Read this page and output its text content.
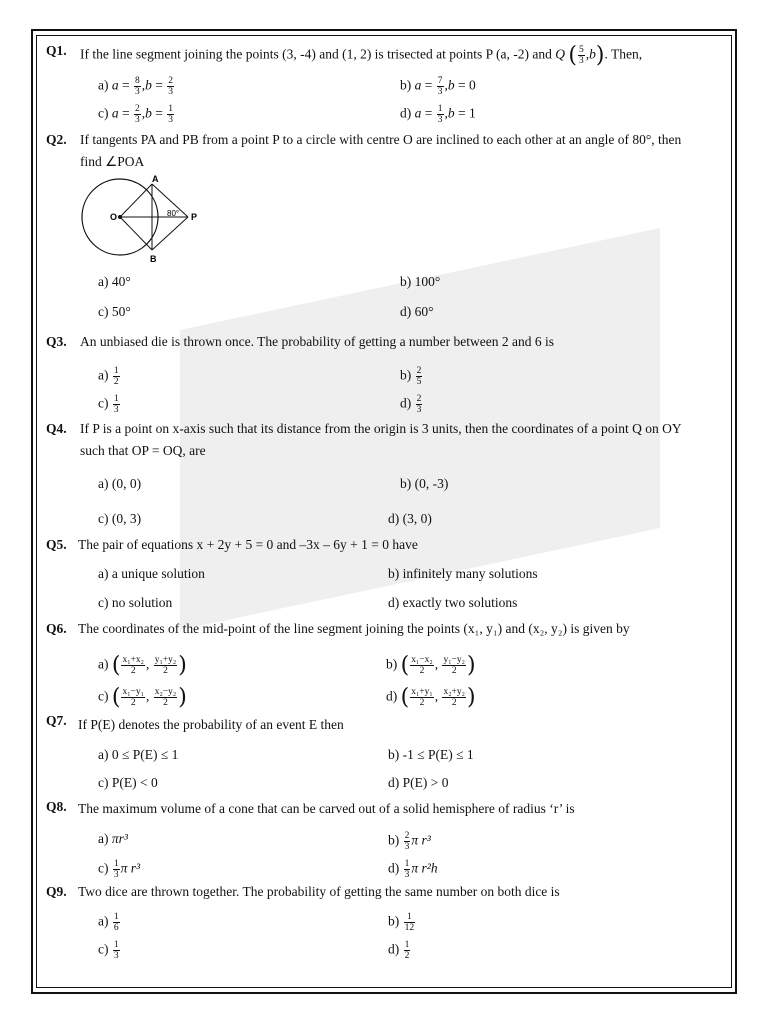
Q1. If the line segment joining the points (3, -4) and (1, 2) is trisected at points P (a, -2) and Q ( $\frac{5}{3} ,b$). Then,
a) $a = \frac{8}{3} ,b = \frac{2}{3}$	b) $a = \frac{7}{3} ,b = 0$
c) $a = \frac{2}{3} ,b = \frac{1}{3}$	d) $a = \frac{1}{3} ,b = 1$
Q2. If tangents PA and PB from a point P to a circle with centre O are inclined to each other at an angle of 80°, then
find ∠POA
A
B
O	P
80°
a) 40°	b) 100°
c) 50°	d) 60°
Q3. An unbiased die is thrown once. The probability of getting a number between 2 and 6 is
$a) \frac{1}{2}$	$b) \frac{2}{5}$
$c) \frac{1}{3}$	$d) \frac{2}{3}$
Q4. If P is a point on x-axis such that its distance from the origin is 3 units, then the coordinates of a point Q on OY
such that OP = OQ, are
a) (0, 0)	b) (0, -3)
c) (0, 3)	d) (3, 0)
Q5. The pair of equations x + 2y + 5 = 0 and –3x – 6y + 1 = 0 have
a) a unique solution	b) infinitely many solutions
c) no solution	d) exactly two solutions
Q6. The coordinates of the mid-point of the line segment joining the points (x₁, y₁) and (x₂, y₂) is given by
a) ( $\frac{\text{x₁+x₂}}{2}$ , $\frac{\text{y₁+y₂}}{2}$ )	b) ( $\frac{\text{x₁−x₂}}{2}$ , $\frac{\text{y₁−y₂}}{2}$ )
c) ( $\frac{\text{x₁−y₁}}{2}$ , $\frac{\text{x₂−y₂}}{2}$ )	d) ( $\frac{\text{x₁+y₁}}{2}$ , $\frac{\text{x₂+y₂}}{2}$ )
Q7. If P(E) denotes the probability of an event E then
a) 0 ≤ P(E) ≤ 1	b) -1 ≤ P(E) ≤ 1
c) P(E) < 0	d) P(E) > 0
Q8. The maximum volume of a cone that can be carved out of a solid hemisphere of radius ‘r’ is
a) πr³	$b) \frac{2}{3}$ π r³
$c) \frac{1}{3}$ π r³	$d) \frac{1}{3}$ π r²h
Q9. Two dice are thrown together. The probability of getting the same number on both dice is
$a) \frac{1}{6}$	$b) \frac{1}{12}$
$c) \frac{1}{3}$	$d) \frac{1}{2}$
